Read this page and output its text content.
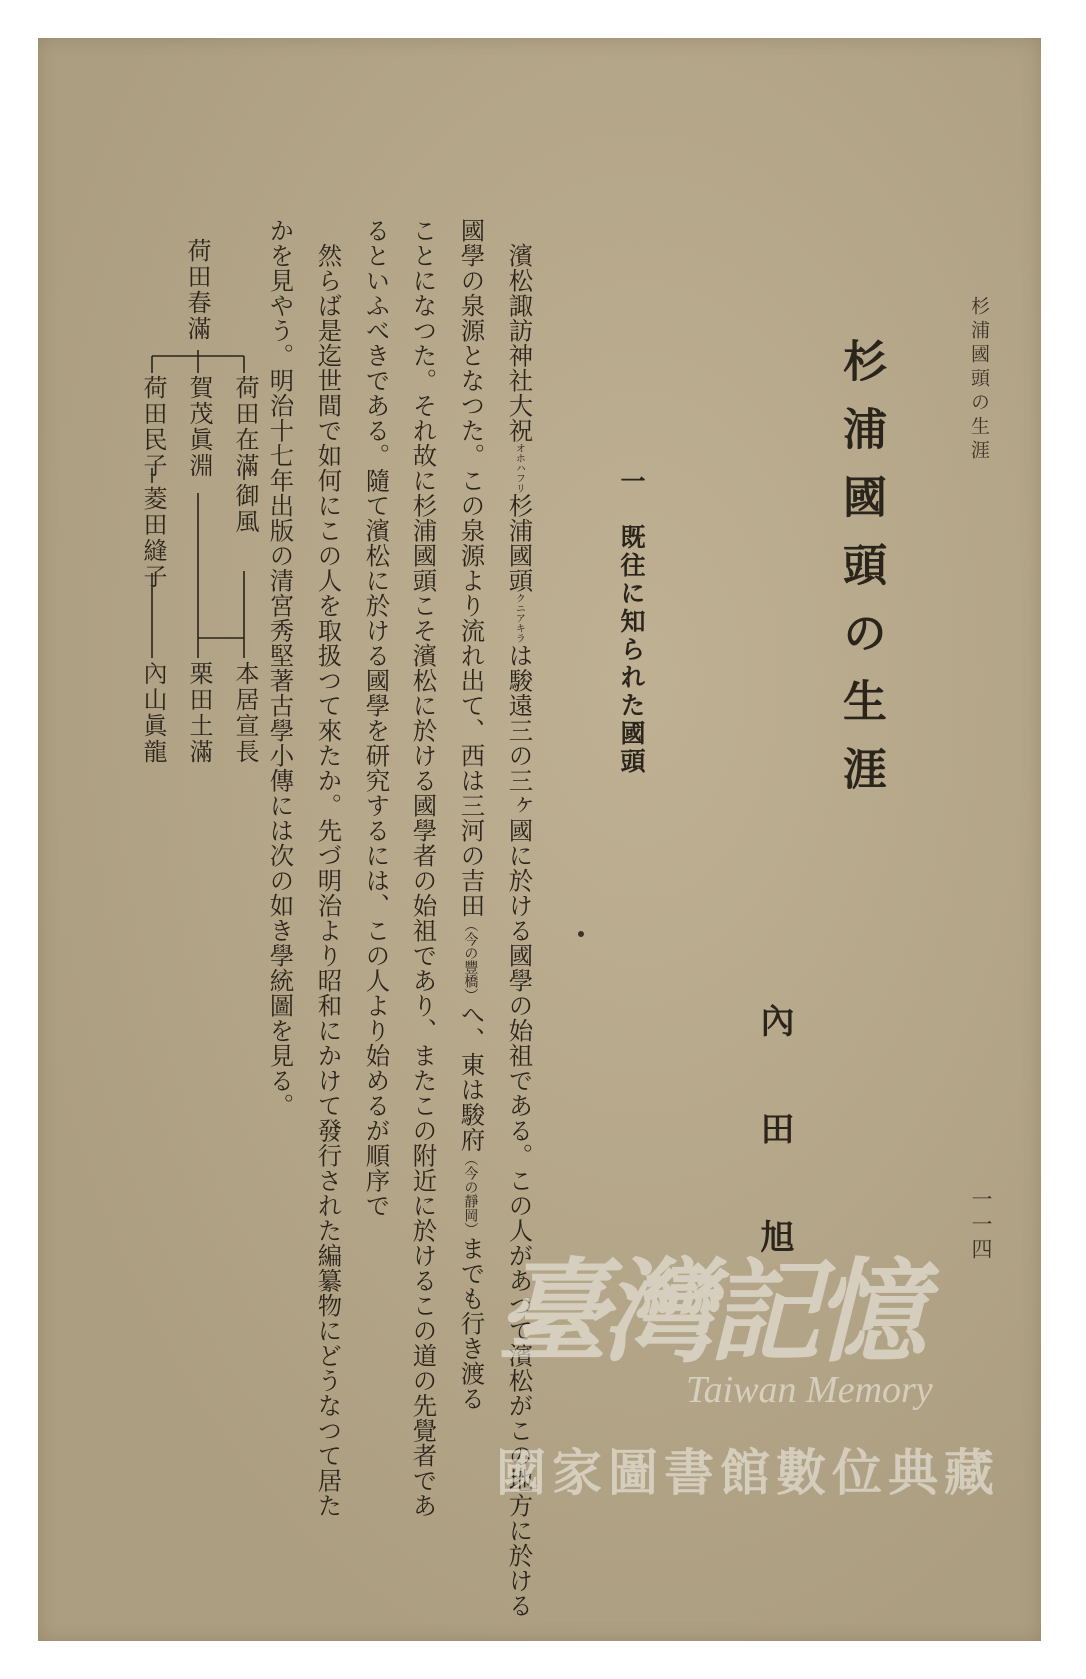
杉浦國頭の生涯
一一四
杉浦國頭の生涯
內田旭
一　既往に知られた國頭
濱松諏訪神社大祝オホハフリ杉浦國頭クニアキラは駿遠三の三ヶ國に於ける國學の始祖である。この人があつて濱松がこの地方に於ける
國學の泉源となつた。この泉源より流れ出て、西は三河の吉田（今の豐橋）へ、東は駿府（今の靜岡）までも行き渡る
ことになつた。それ故に杉浦國頭こそ濱松に於ける國學者の始祖であり、またこの附近に於けるこの道の先覺者であ
るといふべきである。隨て濱松に於ける國學を研究するには、この人より始めるが順序で
然らば是迄世間で如何にこの人を取扱つて來たか。先づ明治より昭和にかけて發行された編纂物にどうなつて居た
かを見やう。明治十七年出版の清宮秀堅著古學小傳には次の如き學統圖を見る。
荷田春滿
荷田在滿
御風
本居宣長
賀茂眞淵
栗田土滿
荷田民子
菱田縫子
內山眞龍
臺灣記憶
Taiwan Memory
國家圖書館數位典藏
